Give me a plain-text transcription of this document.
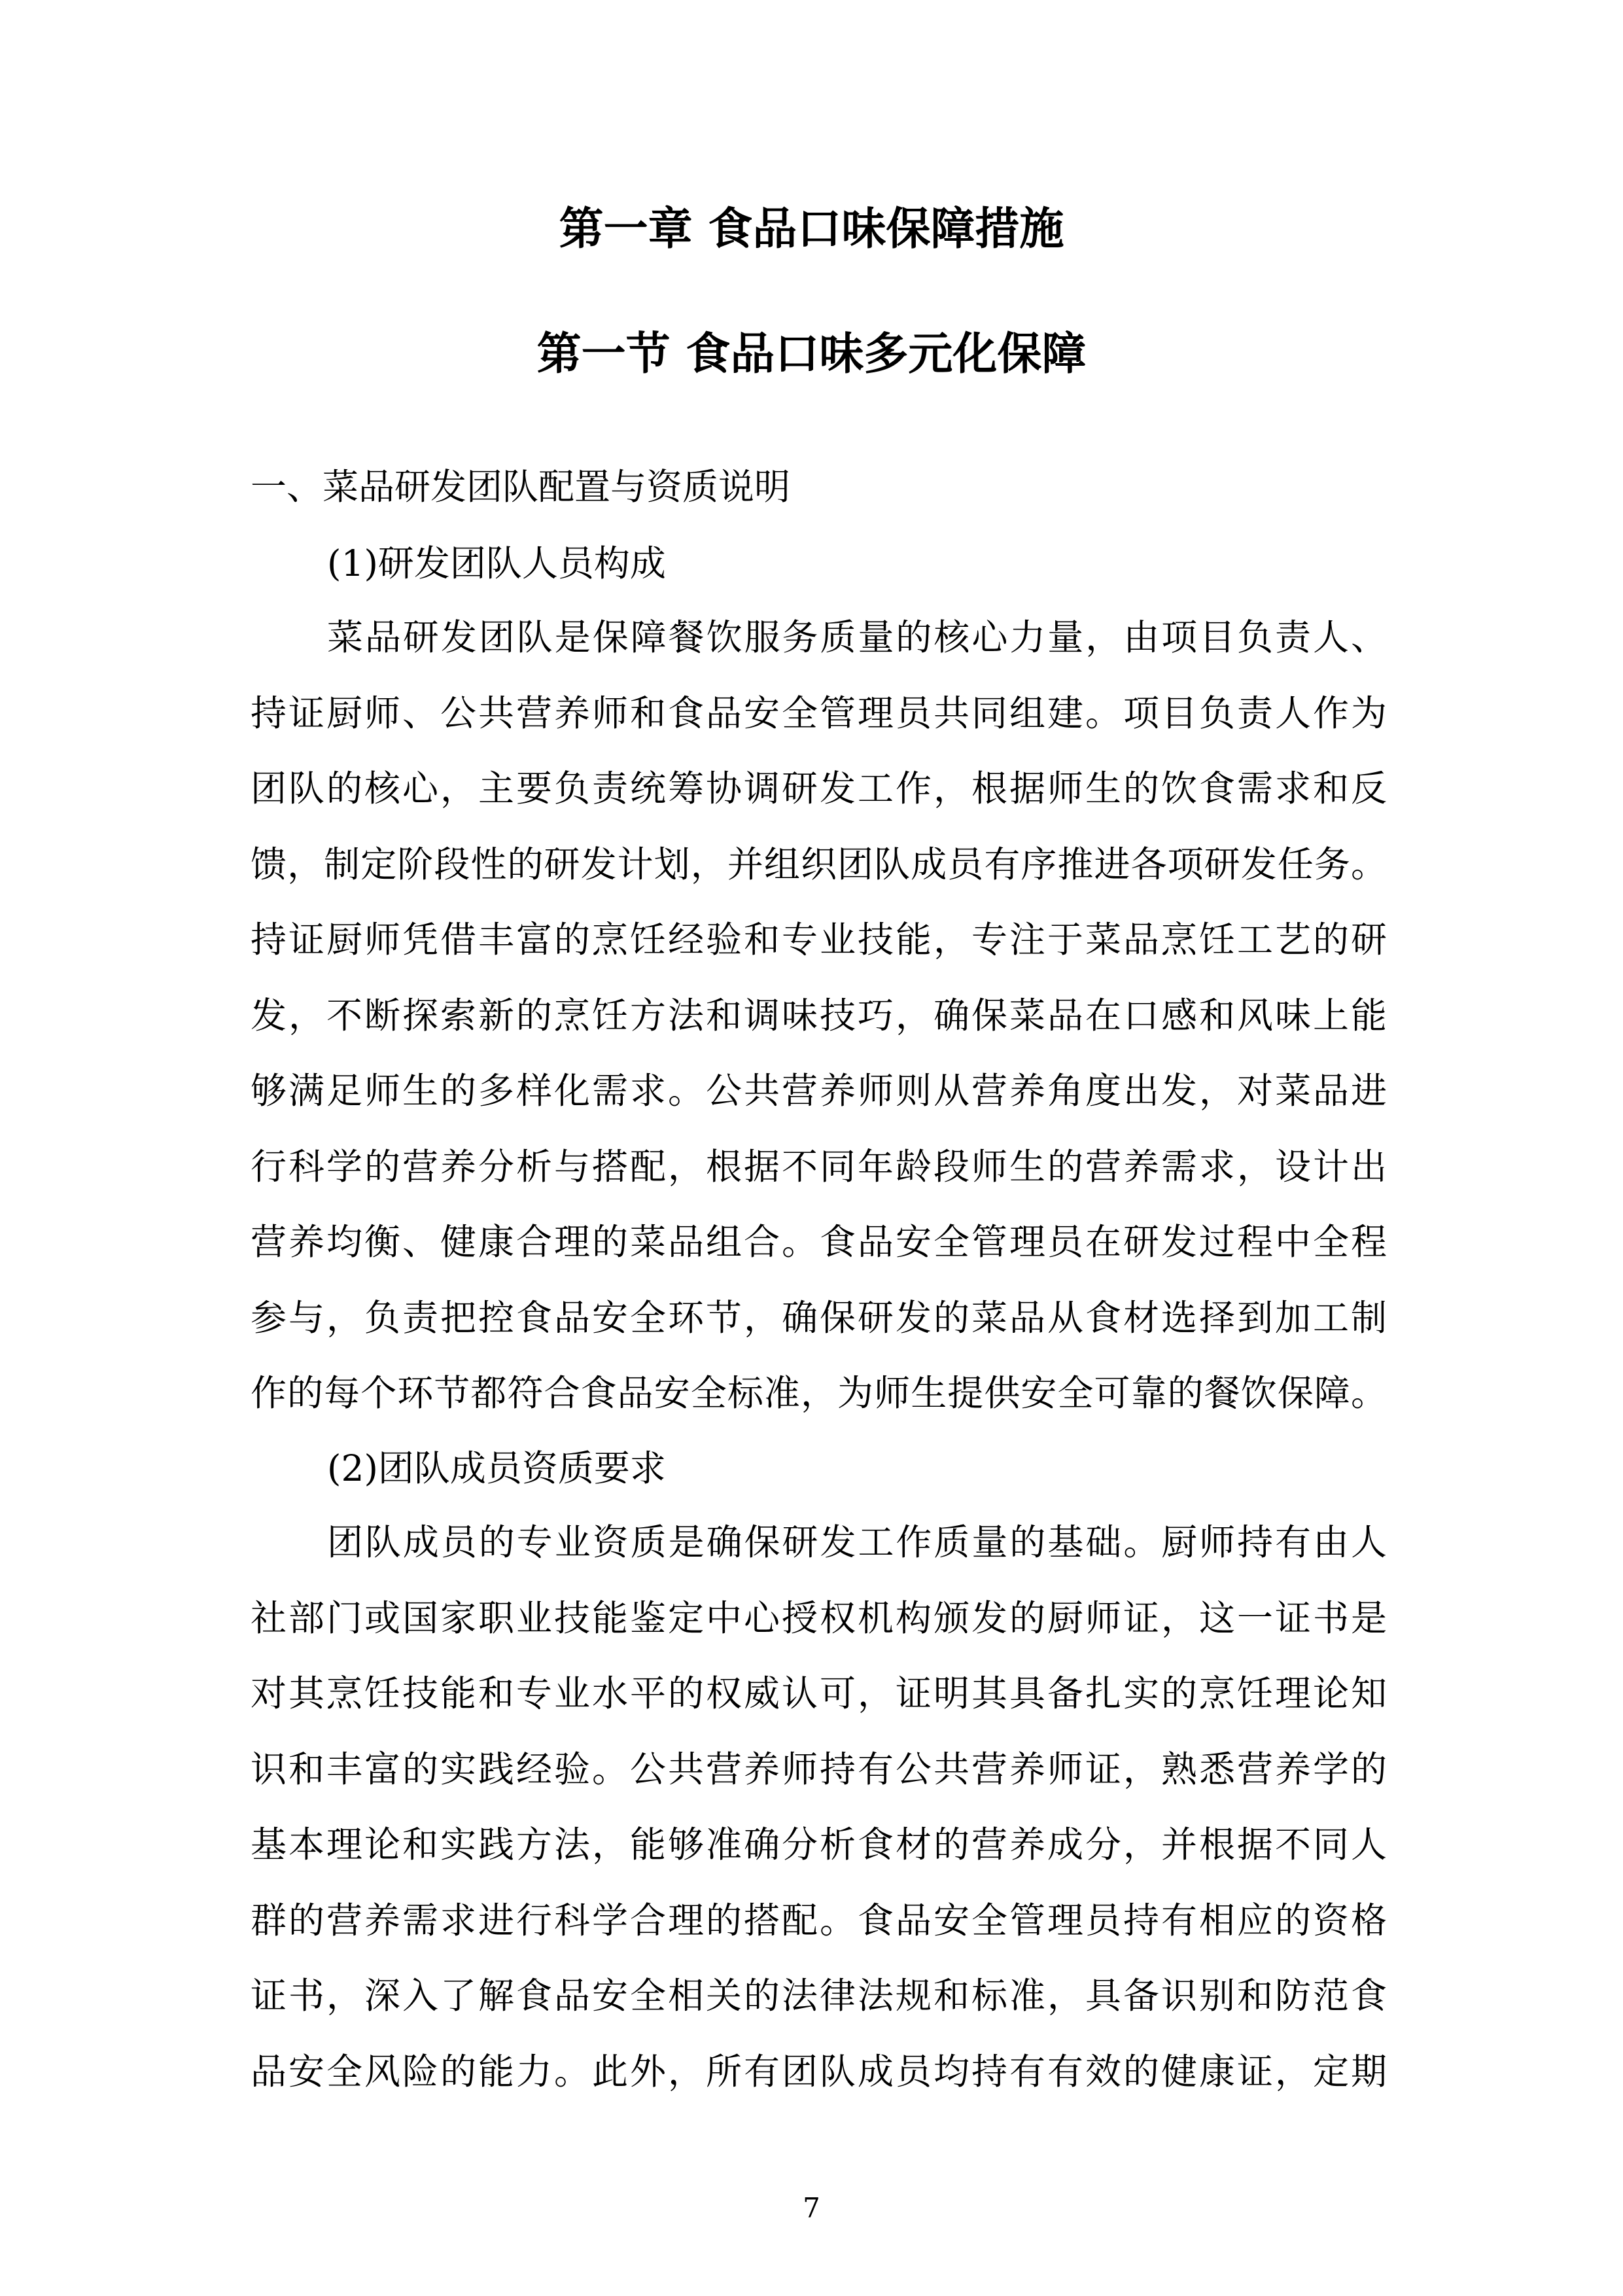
第一章 食品口味保障措施
第一节 食品口味多元化保障
一、菜品研发团队配置与资质说明
(1)研发团队人员构成
菜品研发团队是保障餐饮服务质量的核心力量，由项目负责人、
持证厨师、公共营养师和食品安全管理员共同组建。项目负责人作为
团队的核心，主要负责统筹协调研发工作，根据师生的饮食需求和反
馈，制定阶段性的研发计划，并组织团队成员有序推进各项研发任务。
持证厨师凭借丰富的烹饪经验和专业技能，专注于菜品烹饪工艺的研
发，不断探索新的烹饪方法和调味技巧，确保菜品在口感和风味上能
够满足师生的多样化需求。公共营养师则从营养角度出发，对菜品进
行科学的营养分析与搭配，根据不同年龄段师生的营养需求，设计出
营养均衡、健康合理的菜品组合。食品安全管理员在研发过程中全程
参与，负责把控食品安全环节，确保研发的菜品从食材选择到加工制
作的每个环节都符合食品安全标准，为师生提供安全可靠的餐饮保障。
(2)团队成员资质要求
团队成员的专业资质是确保研发工作质量的基础。厨师持有由人
社部门或国家职业技能鉴定中心授权机构颁发的厨师证，这一证书是
对其烹饪技能和专业水平的权威认可，证明其具备扎实的烹饪理论知
识和丰富的实践经验。公共营养师持有公共营养师证，熟悉营养学的
基本理论和实践方法，能够准确分析食材的营养成分，并根据不同人
群的营养需求进行科学合理的搭配。食品安全管理员持有相应的资格
证书，深入了解食品安全相关的法律法规和标准，具备识别和防范食
品安全风险的能力。此外，所有团队成员均持有有效的健康证，定期
7
